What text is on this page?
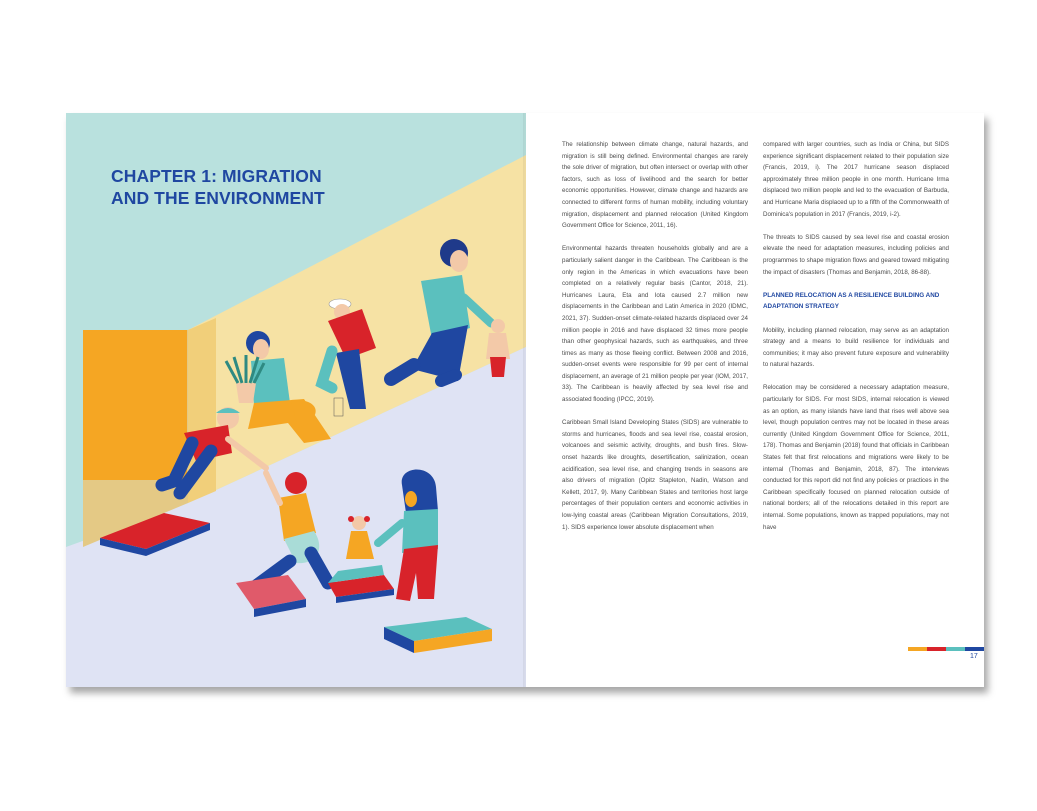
CHAPTER 1: MIGRATION
AND THE ENVIRONMENT

The relationship between climate change, natural hazards, and migration is still being defined. Environmental changes are rarely the sole driver of migration, but often intersect or overlap with other factors, such as loss of livelihood and the search for better economic opportunities. However, climate change and hazards are connected to different forms of human mobility, including voluntary migration, displacement and planned relocation (United Kingdom Government Office for Science, 2011, 16).

Environmental hazards threaten households globally and are a particularly salient danger in the Caribbean. The Caribbean is the only region in the Americas in which evacuations have been completed on a relatively regular basis (Cantor, 2018, 21). Hurricanes Laura, Eta and Iota caused 2.7 million new displacements in the Caribbean and Latin America in 2020 (IDMC, 2021, 37). Sudden-onset climate-related hazards displaced over 24 million people in 2016 and have displaced 32 times more people than other geophysical hazards, such as earthquakes, and three times as many as those fleeing conflict. Between 2008 and 2016, sudden-onset events were responsible for 99 per cent of internal displacement, an average of 21 million people per year (IOM, 2017, 33). The Caribbean is heavily affected by sea level rise and associated flooding (IPCC, 2019).

Caribbean Small Island Developing States (SIDS) are vulnerable to storms and hurricanes, floods and sea level rise, coastal erosion, volcanoes and seismic activity, droughts, and bush fires. Slow-onset hazards like droughts, desertification, salinization, ocean acidification, sea level rise, and changing trends in seasons are also drivers of migration (Opitz Stapleton, Nadin, Watson and Kellett, 2017, 9). Many Caribbean States and territories host large percentages of their population centers and economic activities in low-lying coastal areas (Caribbean Migration Consultations, 2019, 1). SIDS experience lower absolute displacement when

compared with larger countries, such as India or China, but SIDS experience significant displacement related to their population size (Francis, 2019, i). The 2017 hurricane season displaced approximately three million people in one month. Hurricane Irma displaced two million people and led to the evacuation of Barbuda, and Hurricane Maria displaced up to a fifth of the Commonwealth of Dominica's population in 2017 (Francis, 2019, i-2).

The threats to SIDS caused by sea level rise and coastal erosion elevate the need for adaptation measures, including policies and programmes to shape migration flows and geared toward mitigating the impact of disasters (Thomas and Benjamin, 2018, 86-88).

PLANNED RELOCATION AS A RESILIENCE BUILDING AND ADAPTATION STRATEGY

Mobility, including planned relocation, may serve as an adaptation strategy and a means to build resilience for individuals and communities; it may also prevent future exposure and vulnerability to natural hazards.

Relocation may be considered a necessary adaptation measure, particularly for SIDS. For most SIDS, internal relocation is viewed as an option, as many islands have land that rises well above sea level, though population centres may not be located in these areas currently (United Kingdom Government Office for Science, 2011, 178). Thomas and Benjamin (2018) found that officials in Caribbean States felt that first relocations and migrations were likely to be internal (Thomas and Benjamin, 2018, 87). The interviews conducted for this report did not find any policies or practices in the Caribbean specifically focused on planned relocation outside of national borders; all of the relocations detailed in this report are internal. Some populations, known as trapped populations, may not have

17
